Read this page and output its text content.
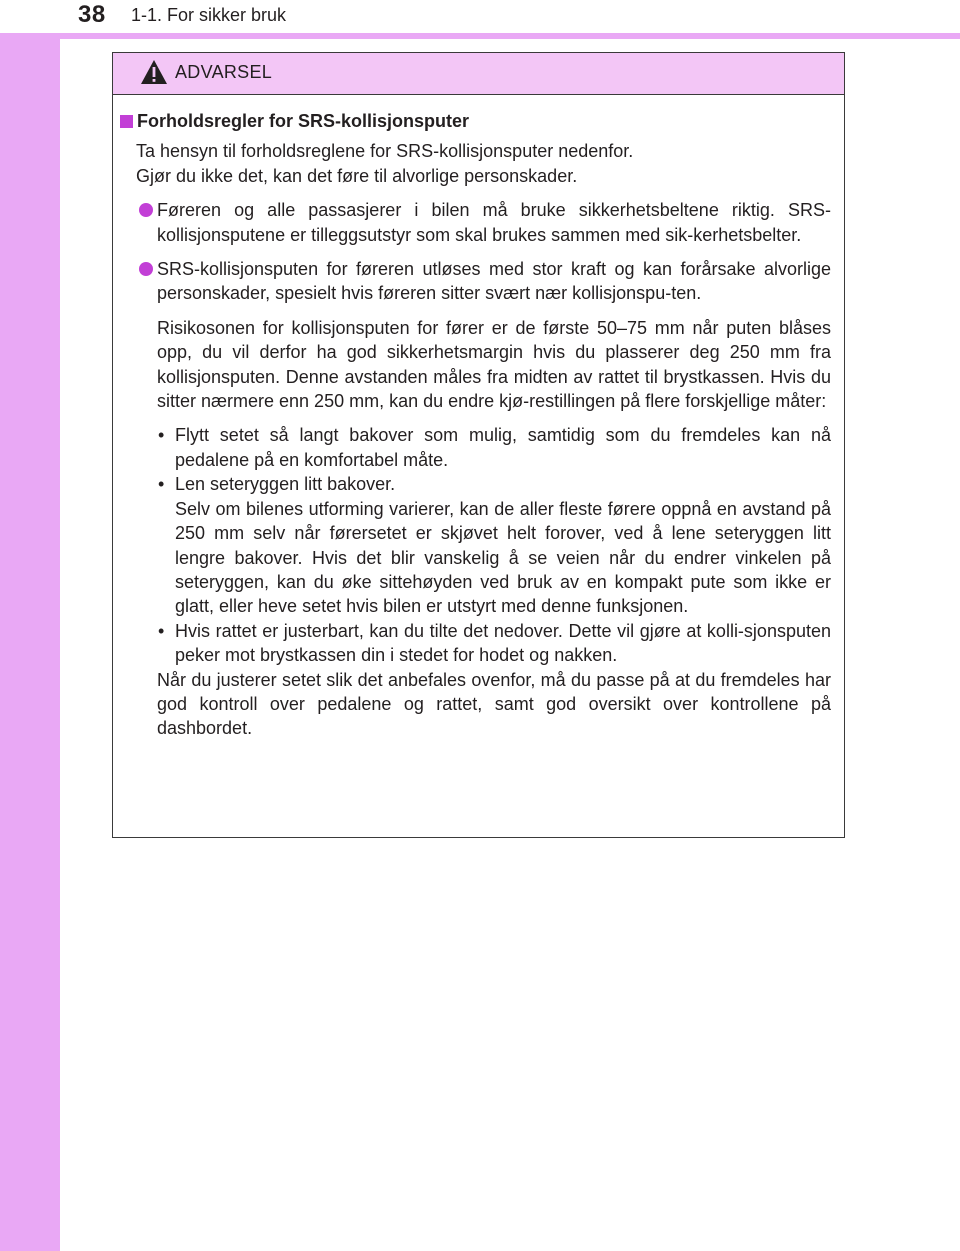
38 1-1. For sikker bruk
ADVARSEL
Forholdsregler for SRS-kollisjonsputer
Ta hensyn til forholdsreglene for SRS-kollisjonsputer nedenfor.
Gjør du ikke det, kan det føre til alvorlige personskader.
Føreren og alle passasjerer i bilen må bruke sikkerhetsbeltene riktig. SRS-kollisjonsputene er tilleggsutstyr som skal brukes sammen med sik-kerhetsbelter.
SRS-kollisjonsputen for føreren utløses med stor kraft og kan forårsake alvorlige personskader, spesielt hvis føreren sitter svært nær kollisjonspu-ten.
Risikosonen for kollisjonsputen for fører er de første 50–75 mm når puten blåses opp, du vil derfor ha god sikkerhetsmargin hvis du plasserer deg 250 mm fra kollisjonsputen. Denne avstanden måles fra midten av rattet til brystkassen. Hvis du sitter nærmere enn 250 mm, kan du endre kjø-restillingen på flere forskjellige måter:
• Flytt setet så langt bakover som mulig, samtidig som du fremdeles kan nå pedalene på en komfortabel måte.
• Len seteryggen litt bakover.
Selv om bilenes utforming varierer, kan de aller fleste førere oppnå en avstand på 250 mm selv når førersetet er skjøvet helt forover, ved å lene seteryggen litt lengre bakover. Hvis det blir vanskelig å se veien når du endrer vinkelen på seteryggen, kan du øke sittehøyden ved bruk av en kompakt pute som ikke er glatt, eller heve setet hvis bilen er utstyrt med denne funksjonen.
• Hvis rattet er justerbart, kan du tilte det nedover. Dette vil gjøre at kolli-sjonsputen peker mot brystkassen din i stedet for hodet og nakken.
Når du justerer setet slik det anbefales ovenfor, må du passe på at du fremdeles har god kontroll over pedalene og rattet, samt god oversikt over kontrollene på dashbordet.
